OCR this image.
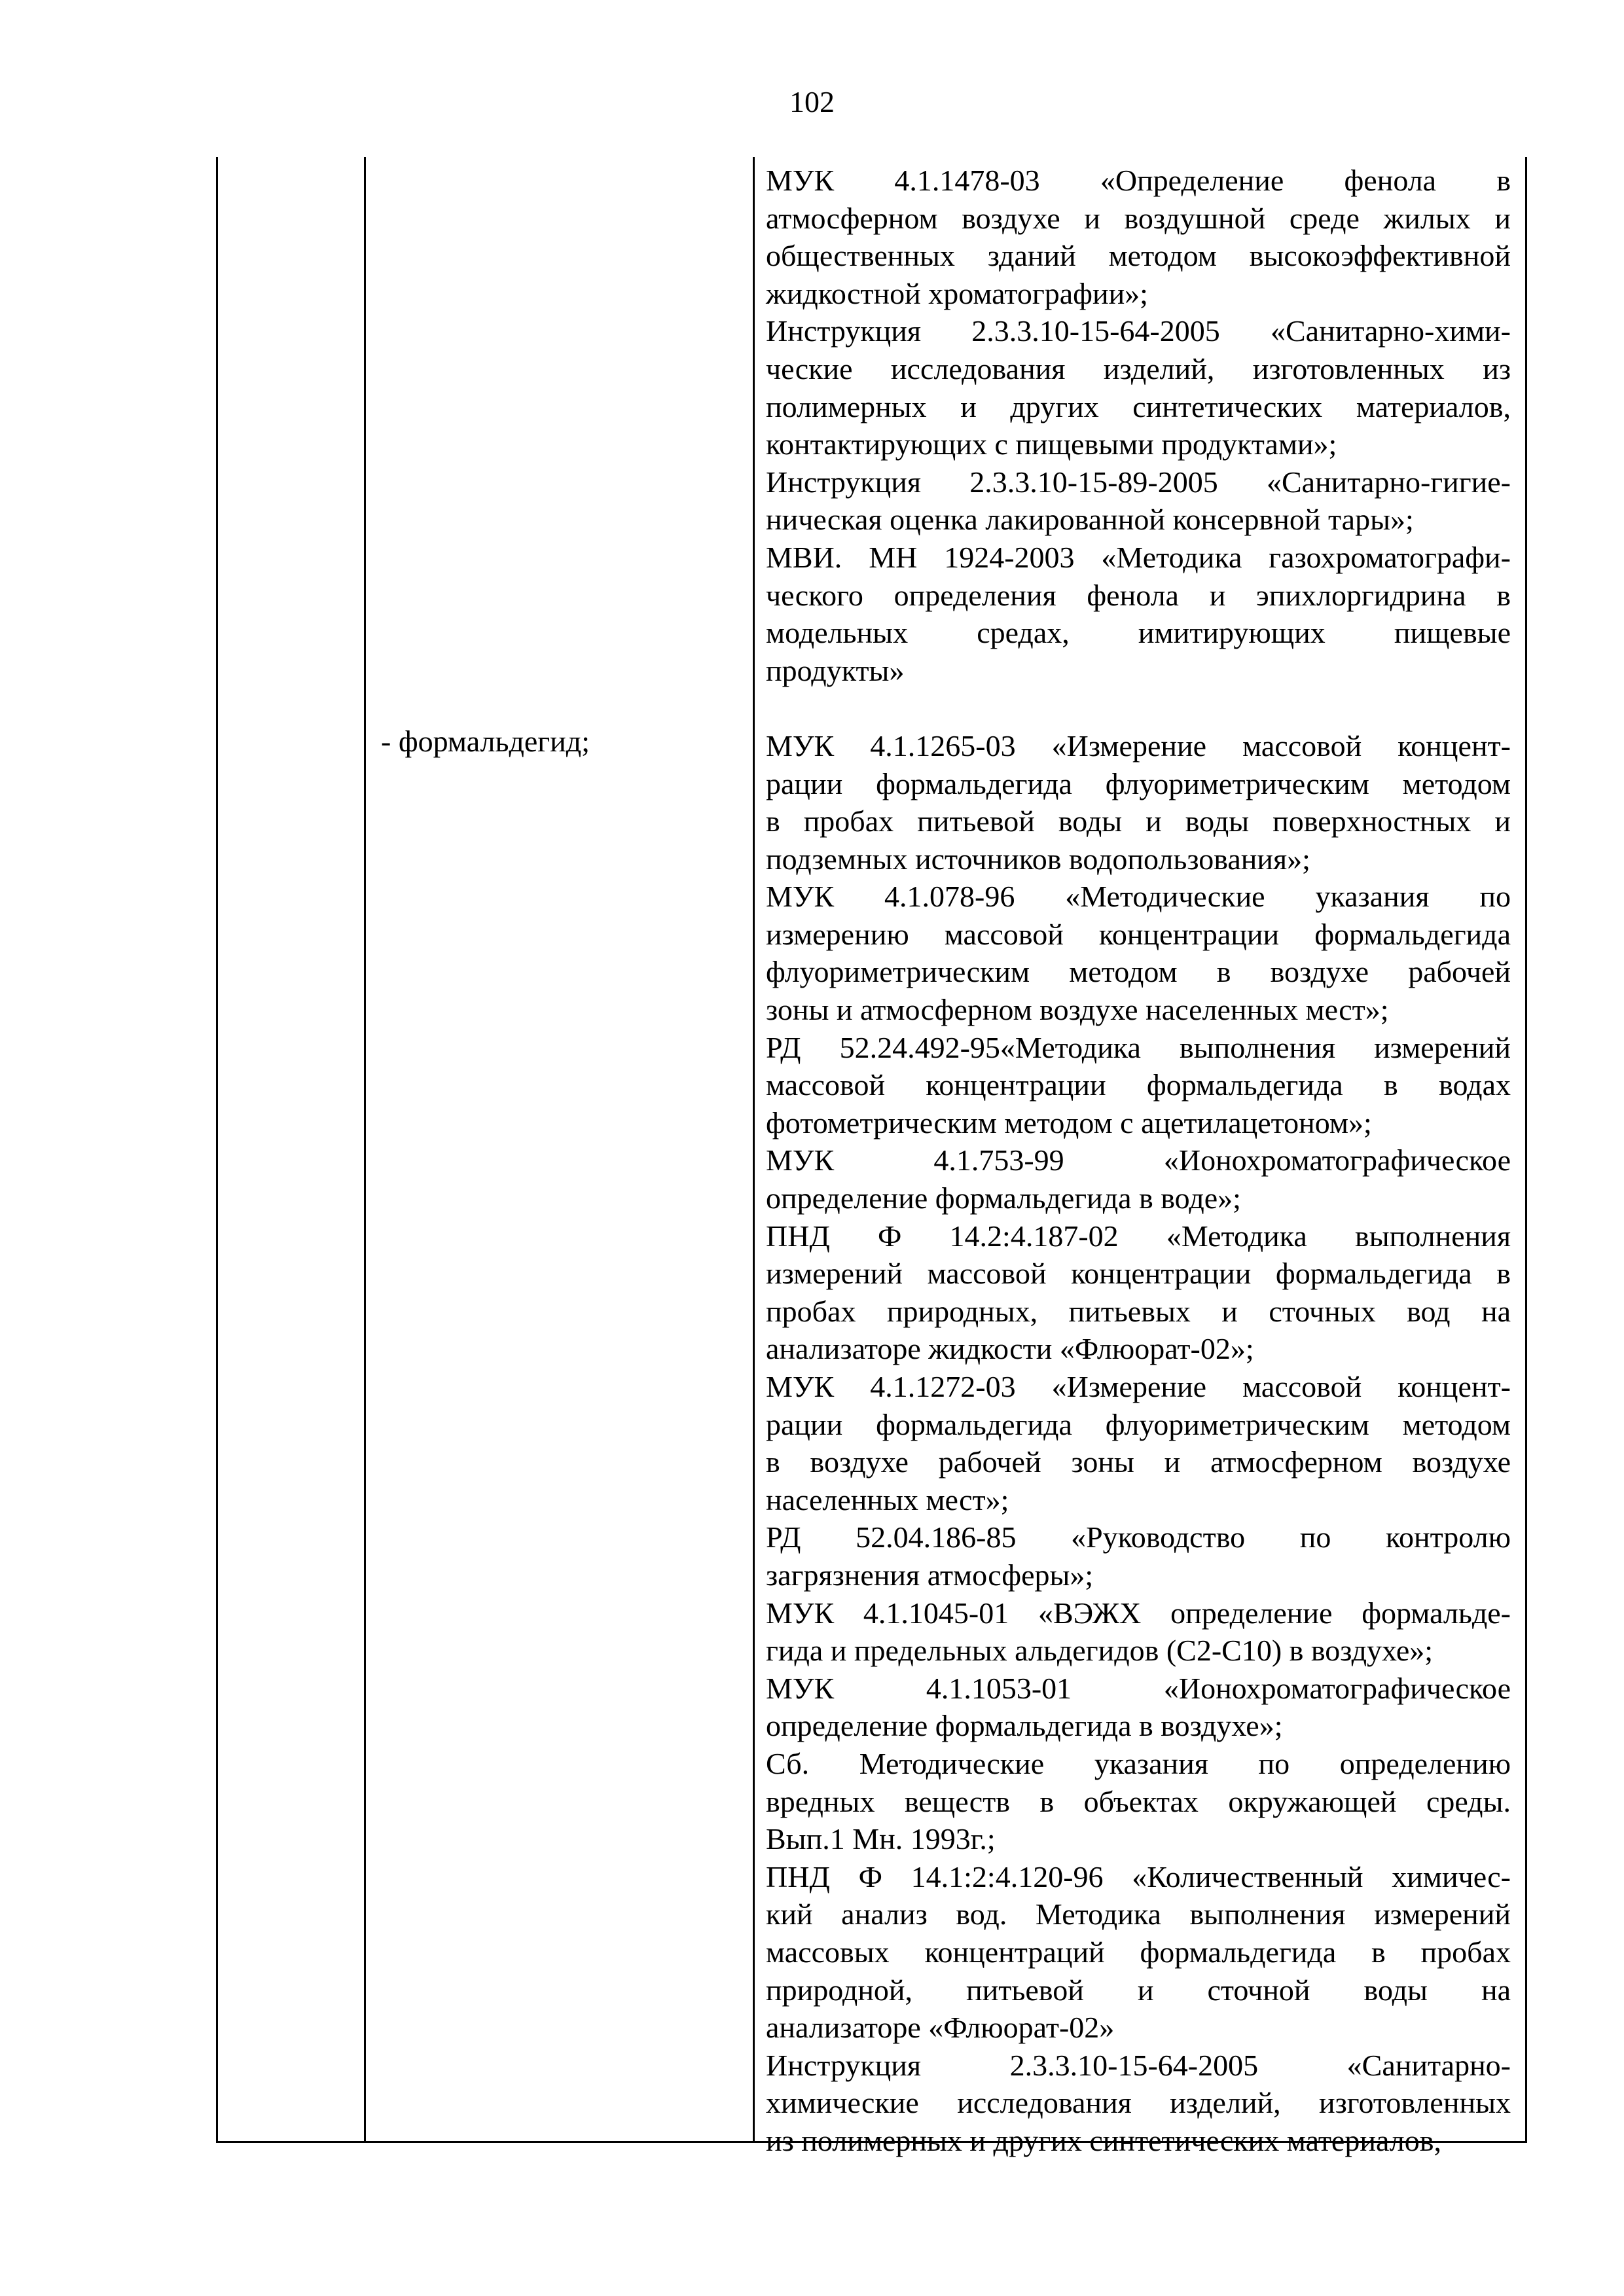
102
- формальдегид;
МУК 4.1.1478-03 «Определение фенола в
атмосферном воздухе и воздушной среде жилых и
общественных зданий методом высокоэффективной
жидкостной хроматографии»;
Инструкция 2.3.3.10-15-64-2005 «Санитарно-хими-
ческие исследования изделий, изготовленных из
полимерных и других синтетических материалов,
контактирующих с пищевыми продуктами»;
Инструкция 2.3.3.10-15-89-2005 «Санитарно-гигие-
ническая оценка лакированной консервной тары»;
МВИ. МН 1924-2003 «Методика газохроматографи-
ческого определения фенола и эпихлоргидрина в
модельных средах, имитирующих пищевые
продукты»
МУК 4.1.1265-03 «Измерение массовой концент-
рации формальдегида флуориметрическим методом
в пробах питьевой воды и воды поверхностных и
подземных источников водопользования»;
МУК 4.1.078-96 «Методические указания по
измерению массовой концентрации формальдегида
флуориметрическим методом в воздухе рабочей
зоны и атмосферном воздухе населенных мест»;
РД 52.24.492-95«Методика выполнения измерений
массовой концентрации формальдегида в водах
фотометрическим методом с ацетилацетоном»;
МУК 4.1.753-99 «Ионохроматографическое
определение формальдегида в воде»;
ПНД Ф 14.2:4.187-02 «Методика выполнения
измерений массовой концентрации формальдегида в
пробах природных, питьевых и сточных вод на
анализаторе жидкости «Флюорат-02»;
МУК 4.1.1272-03 «Измерение массовой концент-
рации формальдегида флуориметрическим методом
в воздухе рабочей зоны и атмосферном воздухе
населенных мест»;
РД 52.04.186-85 «Руководство по контролю
загрязнения атмосферы»;
МУК 4.1.1045-01 «ВЭЖХ определение формальде-
гида и предельных альдегидов (С2-С10) в воздухе»;
МУК 4.1.1053-01 «Ионохроматографическое
определение формальдегида в воздухе»;
Сб. Методические указания по определению
вредных веществ в объектах окружающей среды.
Вып.1 Мн. 1993г.;
ПНД Ф 14.1:2:4.120-96 «Количественный химичес-
кий анализ вод. Методика выполнения измерений
массовых концентраций формальдегида в пробах
природной, питьевой и сточной воды на
анализаторе «Флюорат-02»
Инструкция 2.3.3.10-15-64-2005 «Санитарно-
химические исследования изделий, изготовленных
из полимерных и других синтетических материалов,
